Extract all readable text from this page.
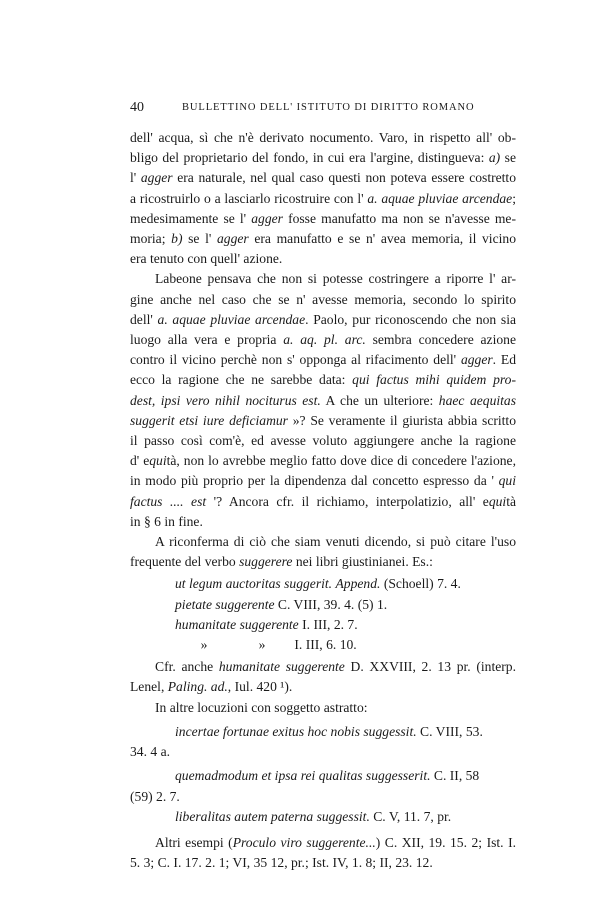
40	BULLETTINO DELL' ISTITUTO DI DIRITTO ROMANO

dell' acqua, sì che n'è derivato nocumento. Varo, in rispetto all' ob-
bligo del proprietario del fondo, in cui era l'argine, distingueva: a) se
l' agger era naturale, nel qual caso questi non poteva essere costretto
a ricostruirlo o a lasciarlo ricostruire con l' a. aquae pluviae arcendae;
medesimamente se l' agger fosse manufatto ma non se n'avesse me-
moria; b) se l' agger era manufatto e se n' avea memoria, il vicino
era tenuto con quell' azione.

Labeone pensava che non si potesse costringere a riporre l' ar-
gine anche nel caso che se n' avesse memoria, secondo lo spirito
dell' a. aquae pluviae arcendae. Paolo, pur riconoscendo che non sia
luogo alla vera e propria a. aq. pl. arc. sembra concedere azione
contro il vicino perchè non s' opponga al rifacimento dell' agger. Ed
ecco la ragione che ne sarebbe data: qui factus mihi quidem pro-
dest, ipsi vero nihil nociturus est. A che un ulteriore: haec aequitas
suggerit etsi iure deficiamur »? Se veramente il giurista abbia scritto
il passo così com'è, ed avesse voluto aggiungere anche la ragione
d' equità, non lo avrebbe meglio fatto dove dice di concedere l'azione,
in modo più proprio per la dipendenza dal concetto espresso da ' qui
factus .... est '? Ancora cfr. il richiamo, interpolatizio, all' equità
in § 6 in fine.

A riconferma di ciò che siam venuti dicendo, si può citare l'uso
frequente del verbo suggerere nei libri giustinianei. Es.:

ut legum auctoritas suggerit. Append. (Schoell) 7. 4.
pietate suggerente C. VIII, 39. 4. (5) 1.
humanitate suggerente I. III, 2. 7.
»	» I. III, 6. 10.

Cfr. anche humanitate suggerente D. XXVIII, 2. 13 pr. (interp.
Lenel, Paling. ad., Iul. 420 ¹).

In altre locuzioni con soggetto astratto:

incertae fortunae exitus hoc nobis suggessit. C. VIII, 53.
34. 4 a.
quemadmodum et ipsa rei qualitas suggesserit. C. II, 58
(59) 2. 7.
liberalitas autem paterna suggessit. C. V, 11. 7, pr.

Altri esempi (Proculo viro suggerente...) C. XII, 19. 15. 2; Ist. I.
5. 3; C. I. 17. 2. 1; VI, 35 12, pr.; Ist. IV, 1. 8; II, 23. 12.
